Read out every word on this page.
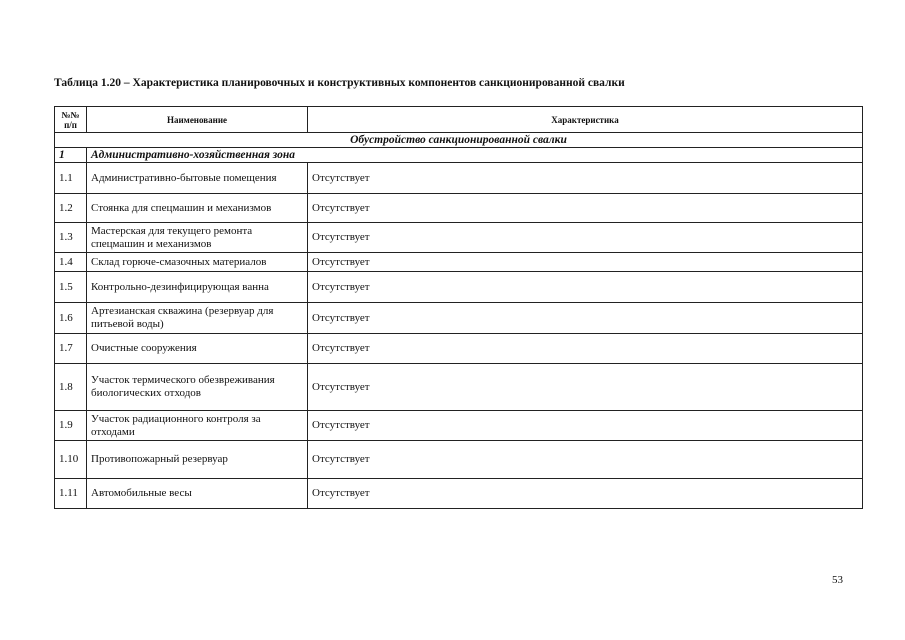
Таблица 1.20 – Характеристика планировочных и конструктивных компонентов санкционированной свалки
№№ п/п	Наименование	Характеристика
Обустройство санкционированной свалки		
1	Административно-хозяйственная зона	
1.1	Административно-бытовые помещения	Отсутствует
1.2	Стоянка для спецмашин и механизмов	Отсутствует
1.3	Мастерская для текущего ремонта спецмашин и механизмов	Отсутствует
1.4	Склад горюче-смазочных материалов	Отсутствует
1.5	Контрольно-дезинфицирующая ванна	Отсутствует
1.6	Артезианская скважина (резервуар для питьевой воды)	Отсутствует
1.7	Очистные сооружения	Отсутствует
1.8	Участок термического обезвреживания биологических отходов	Отсутствует
1.9	Участок радиационного контроля за отходами	Отсутствует
1.10	Противопожарный резервуар	Отсутствует
1.11	Автомобильные весы	Отсутствует
53
